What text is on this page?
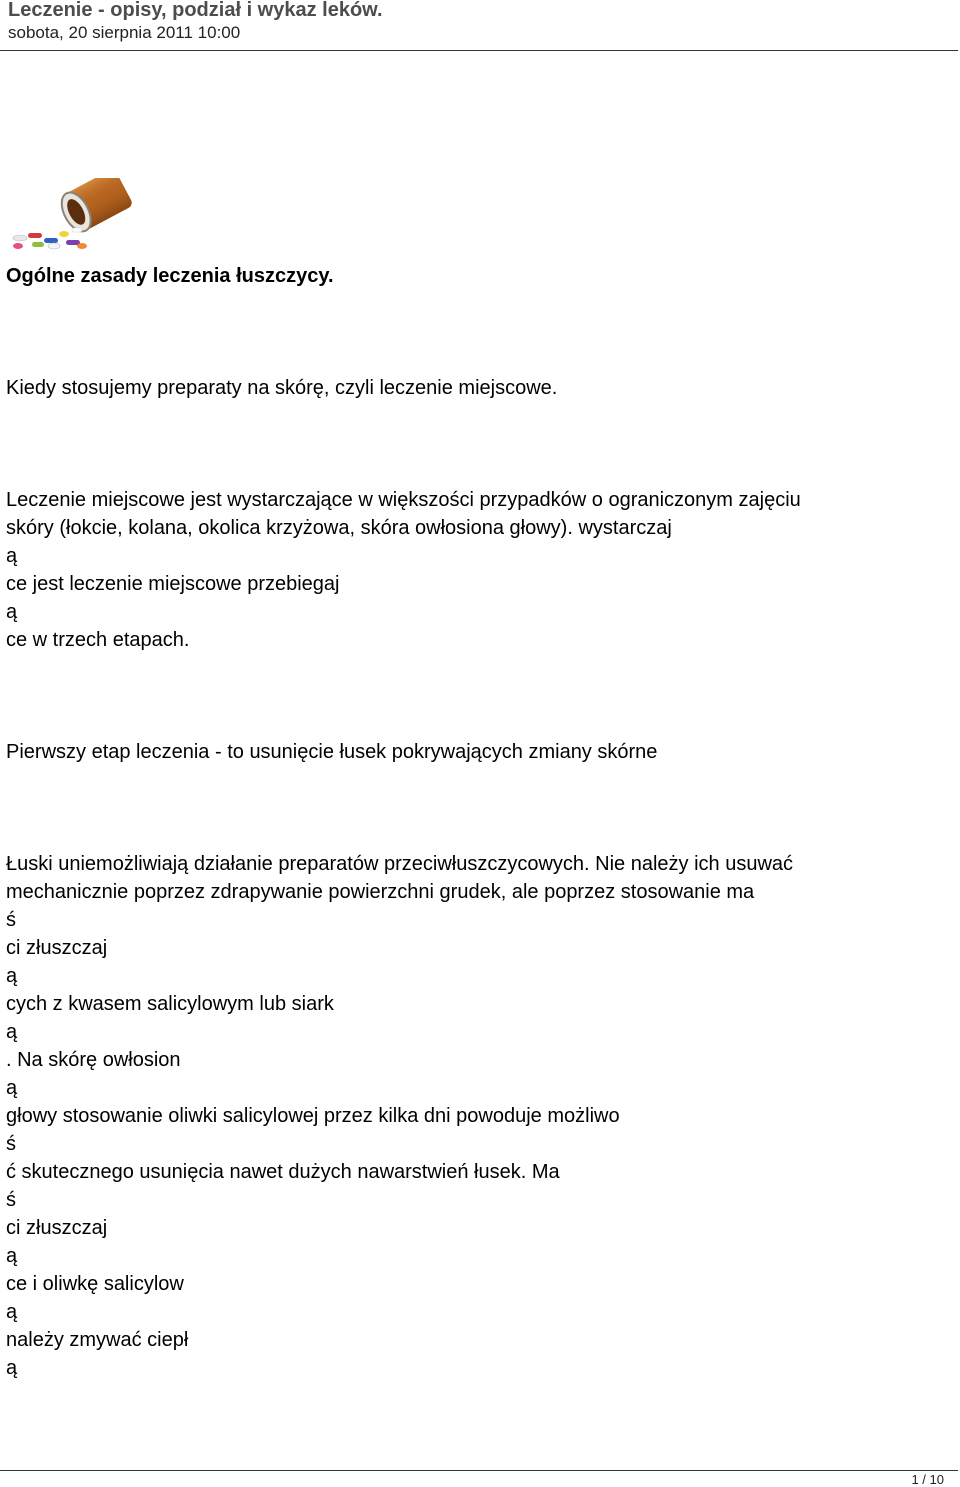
Leczenie - opisy, podział i wykaz leków.
sobota, 20 sierpnia 2011 10:00
Ogólne zasady leczenia łuszczycy.
Kiedy stosujemy preparaty na skórę, czyli leczenie miejscowe.
Leczenie miejscowe jest wystarczające w większości przypadków o ograniczonym zajęciu
skóry (łokcie, kolana, okolica krzyżowa, skóra owłosiona głowy). wystarczaj
ą
ce jest leczenie miejscowe przebiegaj
ą
ce w trzech etapach.
Pierwszy etap leczenia - to usunięcie łusek pokrywających zmiany skórne
Łuski uniemożliwiają działanie preparatów przeciwłuszczycowych. Nie należy ich usuwać
mechanicznie poprzez zdrapywanie powierzchni grudek, ale poprzez stosowanie ma
ś
ci złuszczaj
ą
cych z kwasem salicylowym lub siark
ą
. Na skórę owłosion
ą
głowy stosowanie oliwki salicylowej przez kilka dni powoduje możliwo
ś
ć skutecznego usunięcia nawet dużych nawarstwień łusek. Ma
ś
ci złuszczaj
ą
ce i oliwkę salicylow
ą
należy zmywać ciepł
ą
1 / 10
